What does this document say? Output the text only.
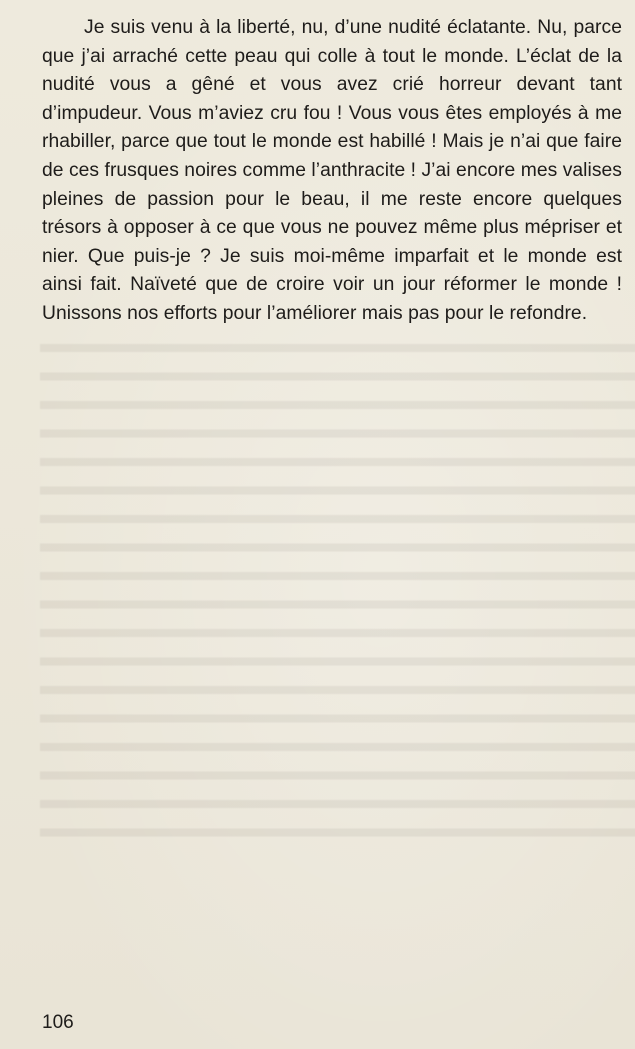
Je suis venu à la liberté, nu, d’une nudité éclatante. Nu, parce que j’ai arraché cette peau qui colle à tout le monde. L’éclat de la nudité vous a gêné et vous avez crié horreur devant tant d’impudeur. Vous m’aviez cru fou ! Vous vous êtes employés à me rhabiller, parce que tout le monde est habillé ! Mais je n’ai que faire de ces frusques noires comme l’anthracite ! J’ai encore mes valises pleines de passion pour le beau, il me reste encore quelques trésors à opposer à ce que vous ne pouvez même plus mépriser et nier. Que puis-je ? Je suis moi-même imparfait et le monde est ainsi fait. Naïveté que de croire voir un jour réformer le monde ! Unissons nos efforts pour l’améliorer mais pas pour le refondre.

106
